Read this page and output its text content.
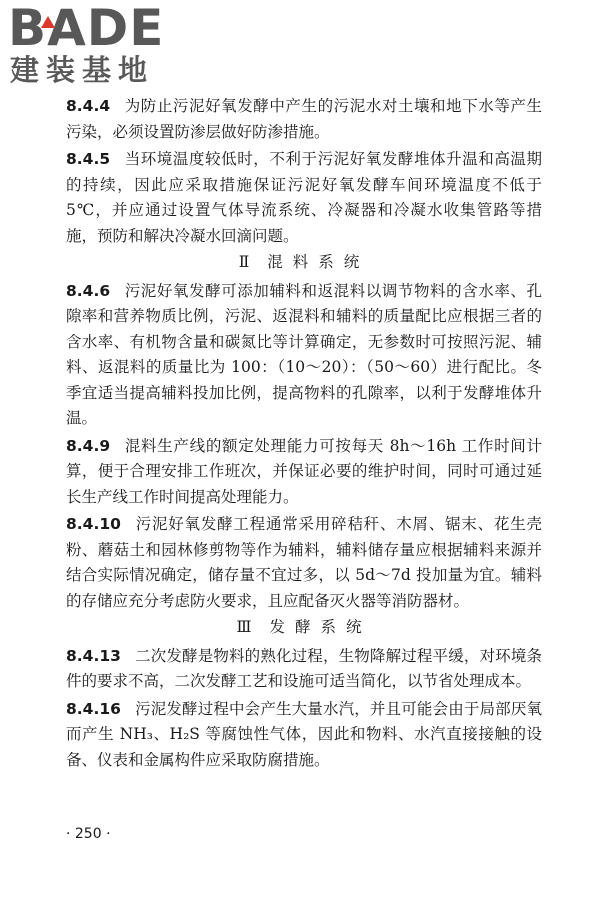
BADE
建装基地

8.4.4 为防止污泥好氧发酵中产生的污泥水对土壤和地下水等产生污染，必须设置防渗层做好防渗措施。

8.4.5 当环境温度较低时，不利于污泥好氧发酵堆体升温和高温期的持续，因此应采取措施保证污泥好氧发酵车间环境温度不低于5℃，并应通过设置气体导流系统、冷凝器和冷凝水收集管路等措施，预防和解决冷凝水回滴问题。

Ⅱ 混料系统

8.4.6 污泥好氧发酵可添加辅料和返混料以调节物料的含水率、孔隙率和营养物质比例，污泥、返混料和辅料的质量配比应根据三者的含水率、有机物含量和碳氮比等计算确定，无参数时可按照污泥、辅料、返混料的质量比为 100：（10～20）：（50～60）进行配比。冬季宜适当提高辅料投加比例，提高物料的孔隙率，以利于发酵堆体升温。

8.4.9 混料生产线的额定处理能力可按每天 8h～16h 工作时间计算，便于合理安排工作班次，并保证必要的维护时间，同时可通过延长生产线工作时间提高处理能力。

8.4.10 污泥好氧发酵工程通常采用碎秸秆、木屑、锯末、花生壳粉、蘑菇土和园林修剪物等作为辅料，辅料储存量应根据辅料来源并结合实际情况确定，储存量不宜过多，以 5d～7d 投加量为宜。辅料的存储应充分考虑防火要求，且应配备灭火器等消防器材。

Ⅲ 发酵系统

8.4.13 二次发酵是物料的熟化过程，生物降解过程平缓，对环境条件的要求不高，二次发酵工艺和设施可适当简化，以节省处理成本。

8.4.16 污泥发酵过程中会产生大量水汽，并且可能会由于局部厌氧而产生 NH₃、H₂S 等腐蚀性气体，因此和物料、水汽直接接触的设备、仪表和金属构件应采取防腐措施。

· 250 ·
